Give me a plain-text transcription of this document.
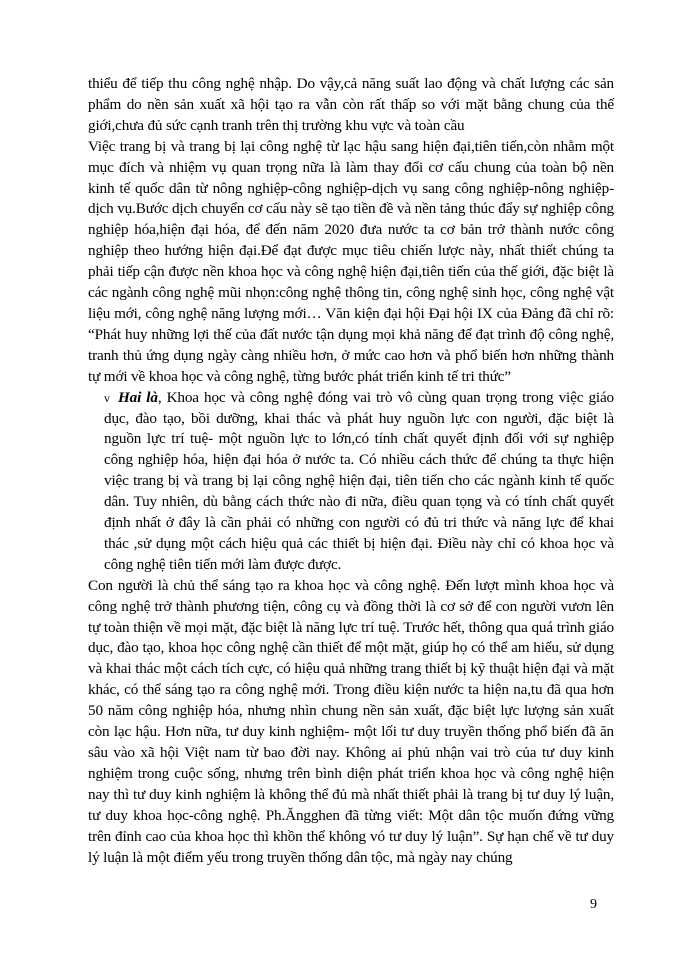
thiểu để tiếp thu công nghệ nhập. Do vậy,cả năng suất lao động và chất lượng các sản phẩm do nền sản xuất xã hội tạo ra vẫn còn rất thấp so với mặt bằng chung của thế giới,chưa đủ sức cạnh tranh trên thị trường khu vực và toàn cầu

Việc trang bị và trang bị lại công nghệ từ lạc hậu sang hiện đại,tiên tiến,còn nhằm một mục đích và nhiệm vụ quan trọng nữa là làm thay đổi cơ cấu chung của toàn bộ nền kinh tế quốc dân từ nông nghiệp-công nghiệp-dịch vụ sang công nghiệp-nông nghiệp-dịch vụ.Bước dịch chuyển cơ cấu này sẽ tạo tiền đề và nền tảng thúc đẩy sự nghiệp công nghiệp hóa,hiện đại hóa, để đến năm 2020 đưa nước ta cơ bản trở thành nước công nghiệp theo hướng hiện đại.Để đạt được mục tiêu chiến lược này, nhất thiết chúng ta phải tiếp cận được nền khoa học và công nghệ hiện đại,tiên tiến của thế giới, đặc biệt là các ngành công nghệ mũi nhọn:công nghệ thông tin, công nghệ sinh học, công nghệ vật liệu mới, công nghệ năng lượng mới… Văn kiện đại hội Đại hội IX của Đảng đã chỉ rõ: “Phát huy những lợi thế của đất nước tận dụng mọi khả năng để đạt trình độ công nghệ, tranh thủ ứng dụng ngày càng nhiều hơn, ở mức cao hơn và phổ biến hơn những thành tự mới về khoa học và công nghệ, từng bước phát triển kinh tế tri thức”

v Hai là, Khoa học và công nghệ đóng vai trò vô cùng quan trọng trong việc giáo dục, đào tạo, bồi dưỡng, khai thác và phát huy nguồn lực con người, đặc biệt là nguồn lực trí tuệ- một nguồn lực to lớn,có tính chất quyết định đối với sự nghiệp công nghiệp hóa, hiện đại hóa ở nước ta. Có nhiều cách thức để chúng ta thực hiện việc trang bị và trang bị lại công nghệ hiện đại, tiên tiến cho các ngành kinh tế quốc dân. Tuy nhiên, dù bằng cách thức nào đi nữa, điều quan tọng và có tính chất quyết định nhất ở đây là cần phải có những con người có đủ tri thức và năng lực để khai thác ,sử dụng một cách hiệu quả các thiết bị hiện đại. Điều này chỉ có khoa học và công nghệ tiên tiến mới làm được được.

Con người là chủ thể sáng tạo ra khoa học và công nghệ. Đến lượt mình khoa học và công nghệ trở thành phương tiện, công cụ và đồng thời là cơ sở để con người vươn lên tự toàn thiện về mọi mặt, đặc biệt là năng lực trí tuệ. Trước hết, thông qua quá trình giáo dục, đào tạo, khoa học công nghệ cần thiết để một mặt, giúp họ có thể am hiểu, sử dụng và khai thác một cách tích cực, có hiệu quả những trang thiết bị kỹ thuật hiện đại và mặt khác, có thể sáng tạo ra công nghệ mới. Trong điều kiện nước ta hiện na,tu đã qua hơn 50 năm công nghiệp hóa, nhưng nhìn chung nền sản xuất, đặc biệt lực lượng sản xuất còn lạc hậu. Hơn nữa, tư duy kinh nghiệm- một lối tư duy truyền thống phổ biến đã ăn sâu vào xã hội Việt nam từ bao đời nay. Không ai phủ nhận vai trò của tư duy kinh nghiệm trong cuộc sống, nhưng trên bình diện phát triển khoa học và công nghệ hiện nay thì tư duy kinh nghiệm là không thể đủ mà nhất thiết phải là trang bị tư duy lý luận, tư duy khoa học-công nghệ. Ph.Ăngghen đã từng viết: Một dân tộc muốn đứng vững trên đỉnh cao của khoa học thì khồn thể không vó tư duy lý luận”. Sự hạn chế về tư duy lý luận là một điểm yếu trong truyền thống dân tộc, mà ngày nay chúng

9
